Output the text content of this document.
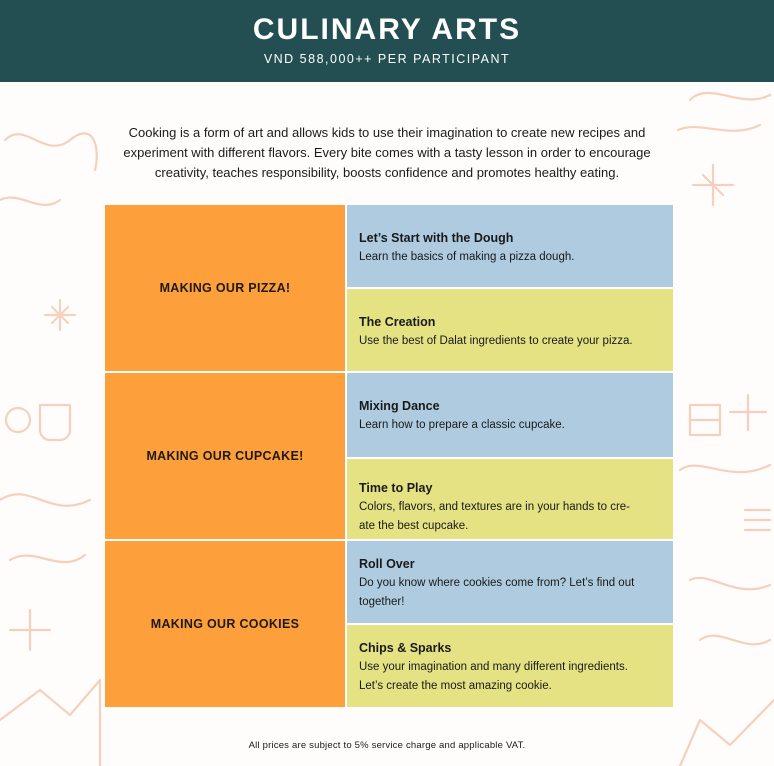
CULINARY ARTS
VND 588,000++ PER PARTICIPANT
Cooking is a form of art and allows kids to use their imagination to create new recipes and
experiment with different flavors. Every bite comes with a tasty lesson in order to encourage
creativity, teaches responsibility, boosts confidence and promotes healthy eating.
MAKING OUR PIZZA!
Let’s Start with the Dough
Learn the basics of making a pizza dough.
The Creation
Use the best of Dalat ingredients to create your pizza.
MAKING OUR CUPCAKE!
Mixing Dance
Learn how to prepare a classic cupcake.
Time to Play
Colors, flavors, and textures are in your hands to cre-
ate the best cupcake.
MAKING OUR COOKIES
Roll Over
Do you know where cookies come from? Let’s find out
together!
Chips & Sparks
Use your imagination and many different ingredients.
Let’s create the most amazing cookie.
All prices are subject to 5% service charge and applicable VAT.
